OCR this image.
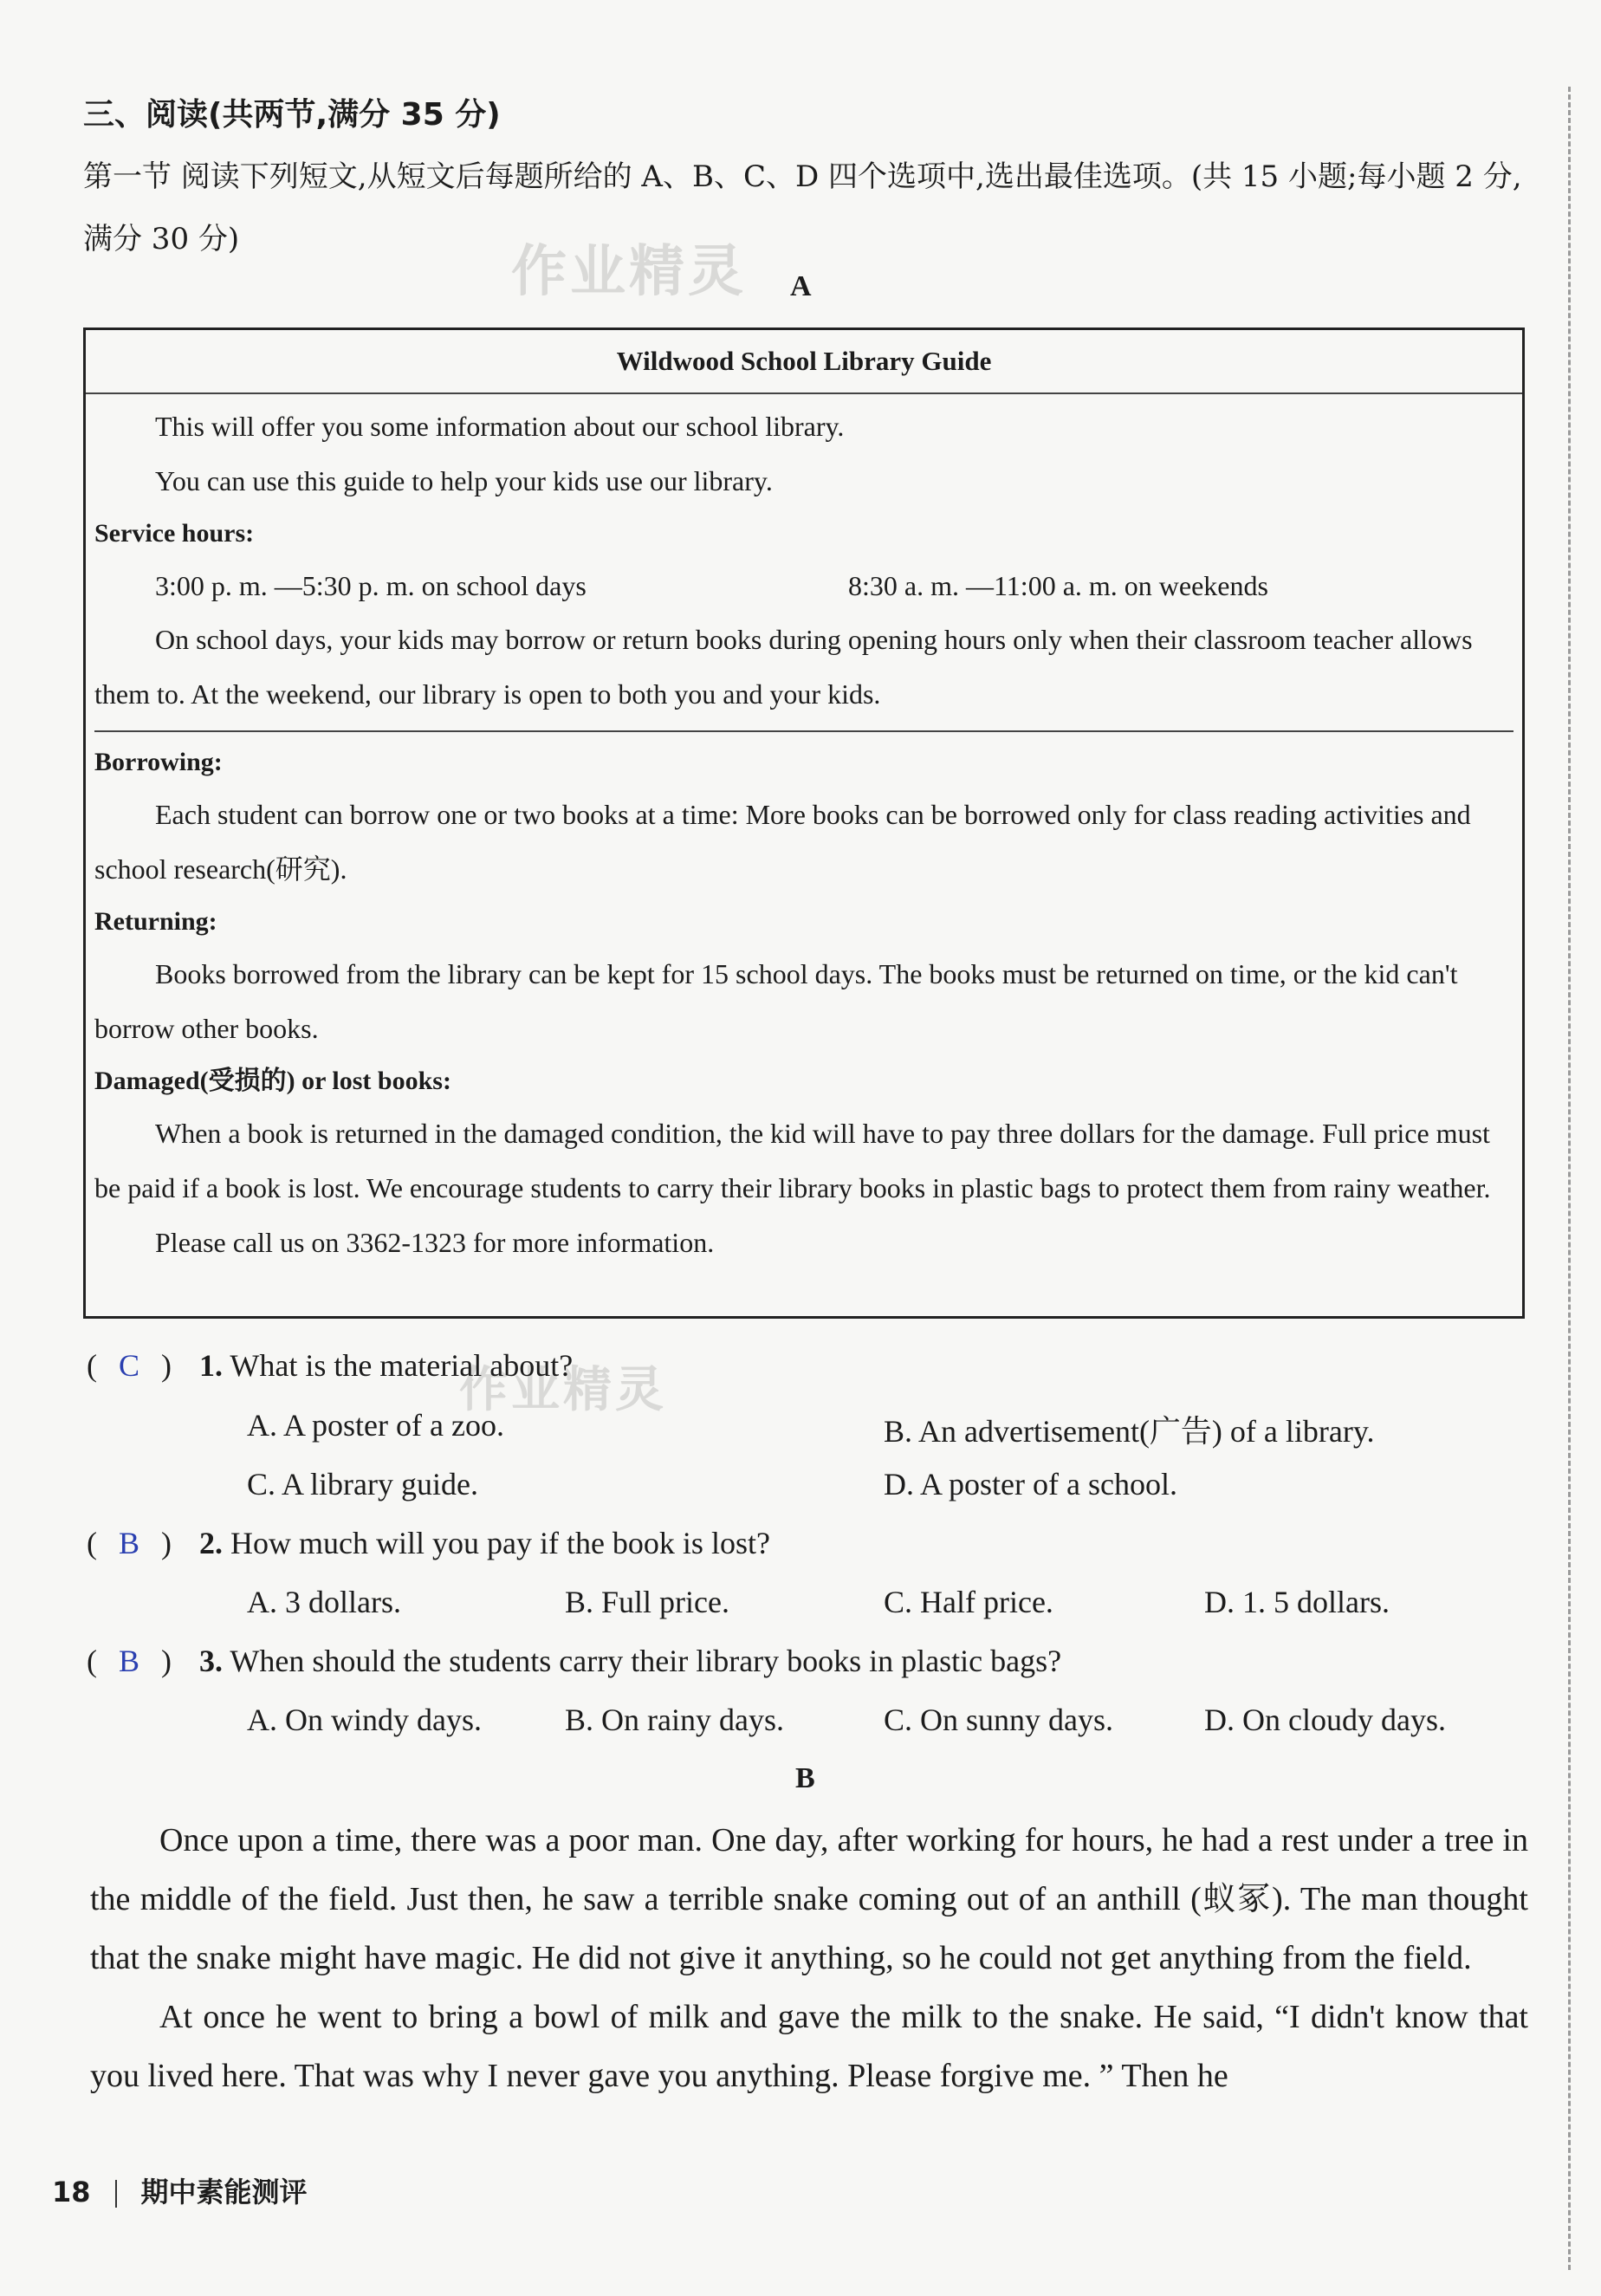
三、阅读(共两节,满分 35 分)
第一节 阅读下列短文,从短文后每题所给的 A、B、C、D 四个选项中,选出最佳选项。(共 15 小题;每小题 2 分,满分 30 分)
作业精灵 A
Wildwood School Library Guide

This will offer you some information about our school library.

You can use this guide to help your kids use our library.

Service hours:

3:00 p. m. —5:30 p. m. on school days	8:30 a. m. —11:00 a. m. on weekends

On school days, your kids may borrow or return books during opening hours only when their classroom teacher allows them to. At the weekend, our library is open to both you and your kids.

Borrowing:

Each student can borrow one or two books at a time: More books can be borrowed only for class reading activities and school research(研究).

Returning:

Books borrowed from the library can be kept for 15 school days. The books must be returned on time, or the kid can't borrow other books.

Damaged(受损的) or lost books:

When a book is returned in the damaged condition, the kid will have to pay three dollars for the damage. Full price must be paid if a book is lost. We encourage students to carry their library books in plastic bags to protect them from rainy weather.

Please call us on 3362-1323 for more information.

作业精灵
( C ) 1. What is the material about?
A. A poster of a zoo.	B. An advertisement(广告) of a library.
C. A library guide.	D. A poster of a school.
( B ) 2. How much will you pay if the book is lost?
A. 3 dollars.	B. Full price.	C. Half price.	D. 1. 5 dollars.
( B ) 3. When should the students carry their library books in plastic bags?
A. On windy days.	B. On rainy days.	C. On sunny days.	D. On cloudy days.
B

Once upon a time, there was a poor man. One day, after working for hours, he had a rest under a tree in the middle of the field. Just then, he saw a terrible snake coming out of an anthill (蚁冢). The man thought that the snake might have magic. He did not give it anything, so he could not get anything from the field.

At once he went to bring a bowl of milk and gave the milk to the snake. He said, “I didn't know that you lived here. That was why I never gave you anything. Please forgive me. ” Then he

18 期中素能测评
